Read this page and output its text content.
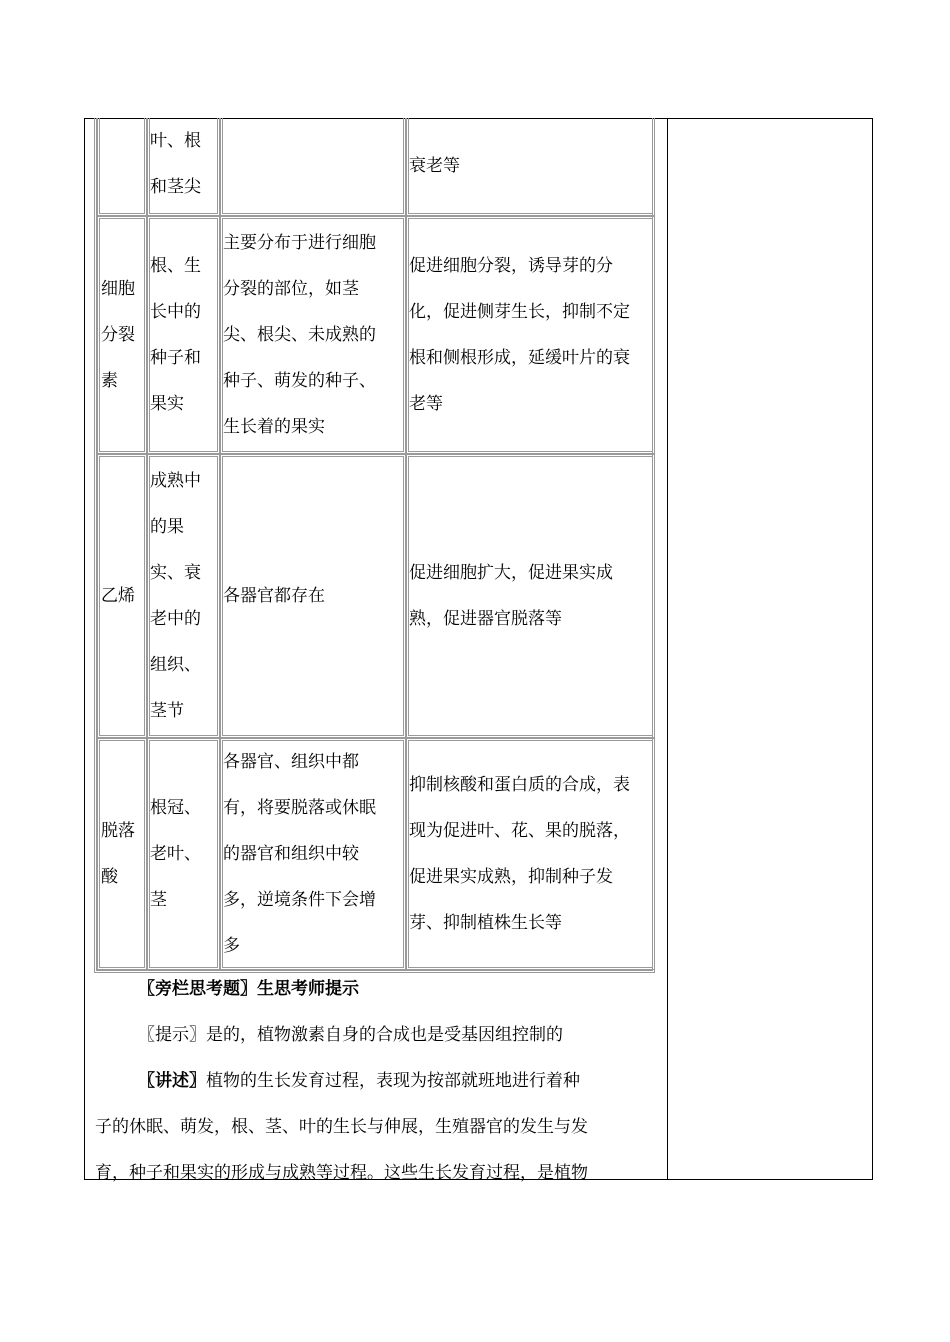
叶、根
和茎尖
衰老等
细胞
分裂
素
根、生
长中的
种子和
果实
主要分布于进行细胞
分裂的部位，如茎
尖、根尖、未成熟的
种子、萌发的种子、
生长着的果实
促进细胞分裂，诱导芽的分
化，促进侧芽生长，抑制不定
根和侧根形成，延缓叶片的衰
老等
乙烯
成熟中
的果
实、衰
老中的
组织、
茎节
各器官都存在
促进细胞扩大，促进果实成
熟，促进器官脱落等
脱落
酸
根冠、
老叶、
茎
各器官、组织中都
有，将要脱落或休眠
的器官和组织中较
多，逆境条件下会增
多
抑制核酸和蛋白质的合成，表
现为促进叶、花、果的脱落，
促进果实成熟，抑制种子发
芽、抑制植株生长等
〖旁栏思考题〗生思考师提示
〖提示〗是的，植物激素自身的合成也是受基因组控制的
〖讲述〗植物的生长发育过程，表现为按部就班地进行着种
子的休眠、萌发，根、茎、叶的生长与伸展，生殖器官的发生与发
育，种子和果实的形成与成熟等过程。这些生长发育过程，是植物
